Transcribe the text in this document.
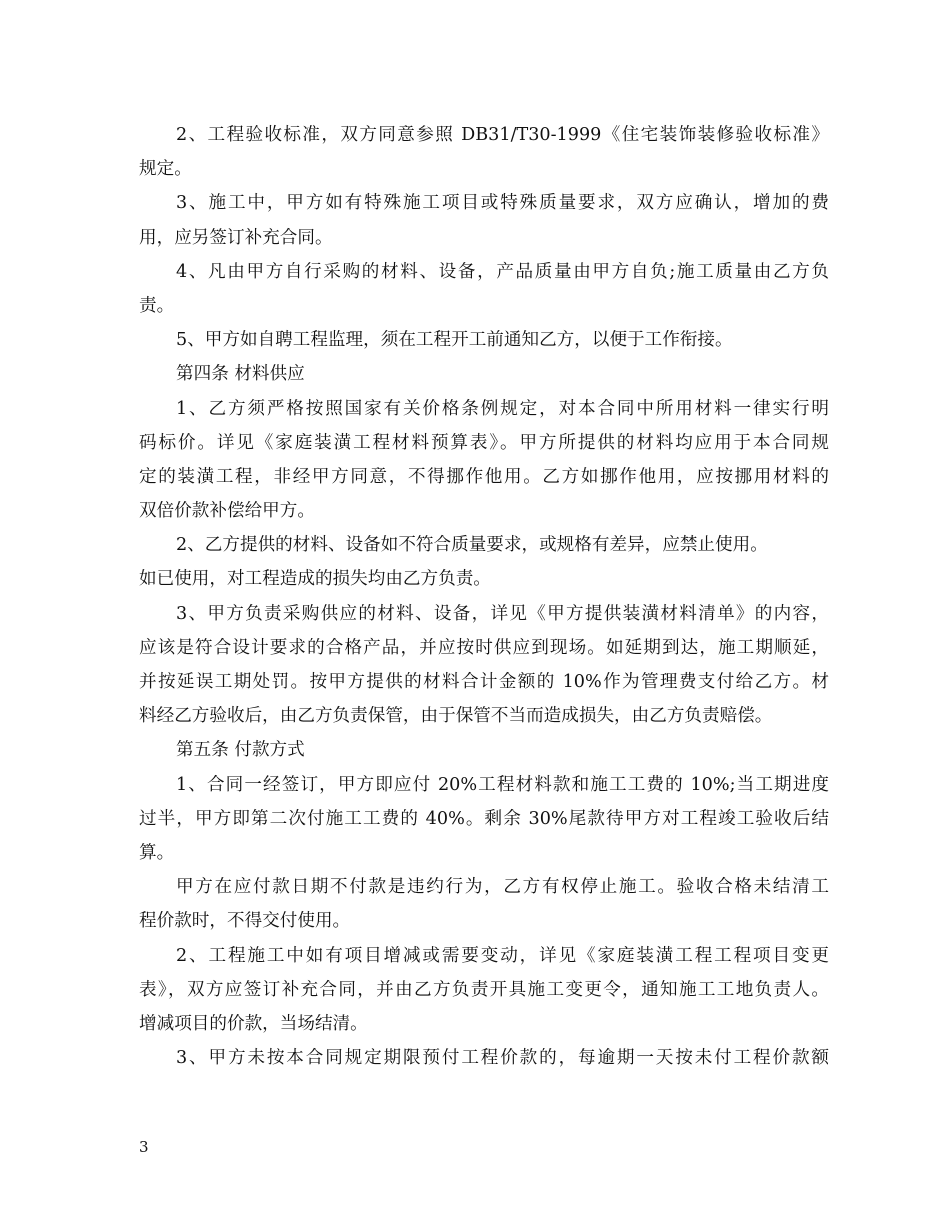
2、工程验收标准，双方同意参照 DB31/T30-1999《住宅装饰装修验收标准》
规定。
3、施工中，甲方如有特殊施工项目或特殊质量要求，双方应确认，增加的费
用，应另签订补充合同。
4、凡由甲方自行采购的材料、设备，产品质量由甲方自负;施工质量由乙方负
责。
5、甲方如自聘工程监理，须在工程开工前通知乙方，以便于工作衔接。
第四条 材料供应
1、乙方须严格按照国家有关价格条例规定，对本合同中所用材料一律实行明
码标价。详见《家庭装潢工程材料预算表》。甲方所提供的材料均应用于本合同规
定的装潢工程，非经甲方同意，不得挪作他用。乙方如挪作他用，应按挪用材料的
双倍价款补偿给甲方。
2、乙方提供的材料、设备如不符合质量要求，或规格有差异，应禁止使用。
如已使用，对工程造成的损失均由乙方负责。
3、甲方负责采购供应的材料、设备，详见《甲方提供装潢材料清单》的内容，
应该是符合设计要求的合格产品，并应按时供应到现场。如延期到达，施工期顺延，
并按延误工期处罚。按甲方提供的材料合计金额的 10%作为管理费支付给乙方。材
料经乙方验收后，由乙方负责保管，由于保管不当而造成损失，由乙方负责赔偿。
第五条 付款方式
1、合同一经签订，甲方即应付 20%工程材料款和施工工费的 10%;当工期进度
过半，甲方即第二次付施工工费的 40%。剩余 30%尾款待甲方对工程竣工验收后结
算。
甲方在应付款日期不付款是违约行为，乙方有权停止施工。验收合格未结清工
程价款时，不得交付使用。
2、工程施工中如有项目增减或需要变动，详见《家庭装潢工程工程项目变更
表》，双方应签订补充合同，并由乙方负责开具施工变更令，通知施工工地负责人。
增减项目的价款，当场结清。
3、甲方未按本合同规定期限预付工程价款的，每逾期一天按未付工程价款额
3
